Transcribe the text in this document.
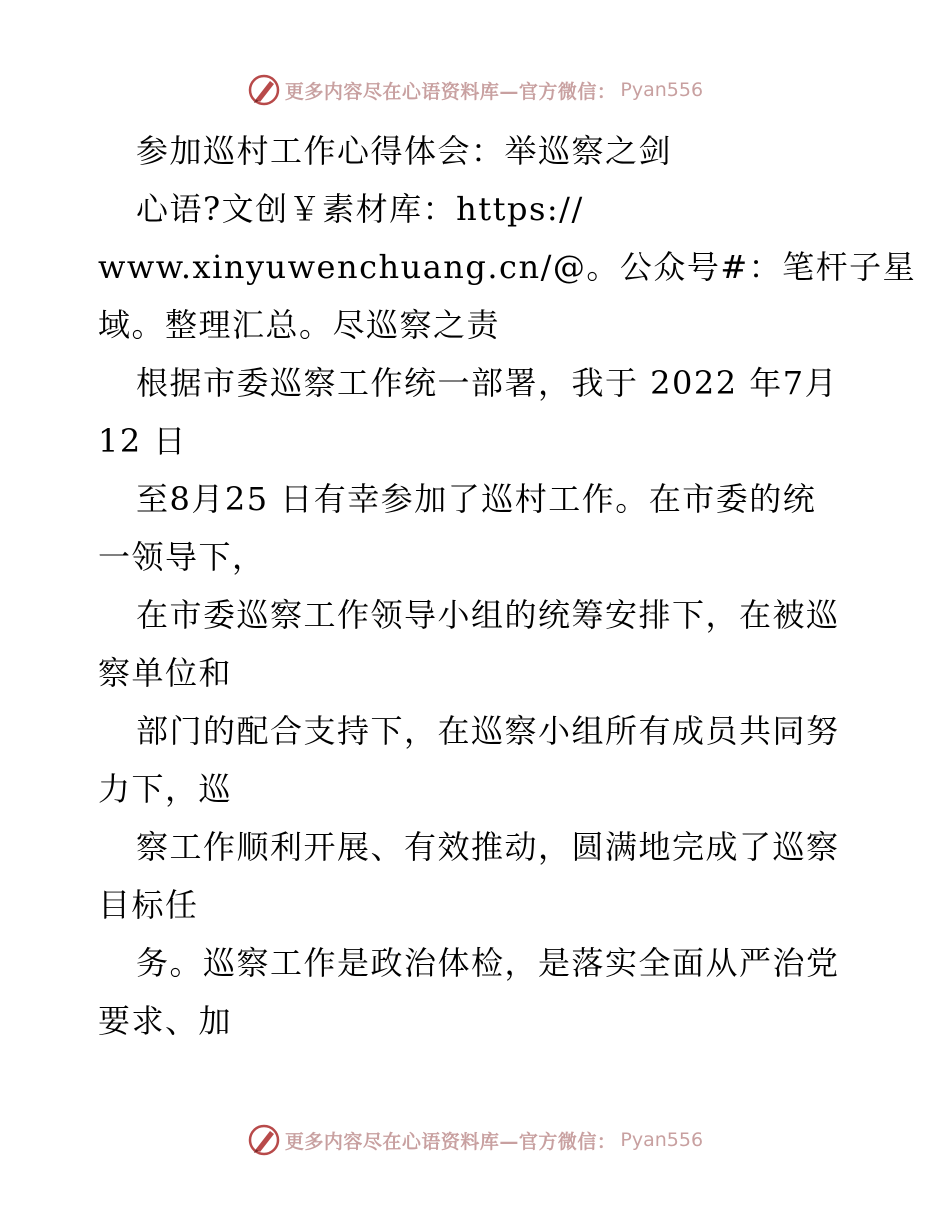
更多内容尽在心语资料库—官方微信： Pyan556
参加巡村工作心得体会：举巡察之剑
心语?文创￥素材库：https://
www.xinyuwenchuang.cn/@。公众号#：笔杆子星
域。整理汇总。尽巡察之责
根据市委巡察工作统一部署，我于 2022 年7月
12 日
至8月25 日有幸参加了巡村工作。在市委的统
一领导下，
在市委巡察工作领导小组的统筹安排下，在被巡
察单位和
部门的配合支持下，在巡察小组所有成员共同努
力下，巡
察工作顺利开展、有效推动，圆满地完成了巡察
目标任
务。巡察工作是政治体检，是落实全面从严治党
要求、加
更多内容尽在心语资料库—官方微信： Pyan556
